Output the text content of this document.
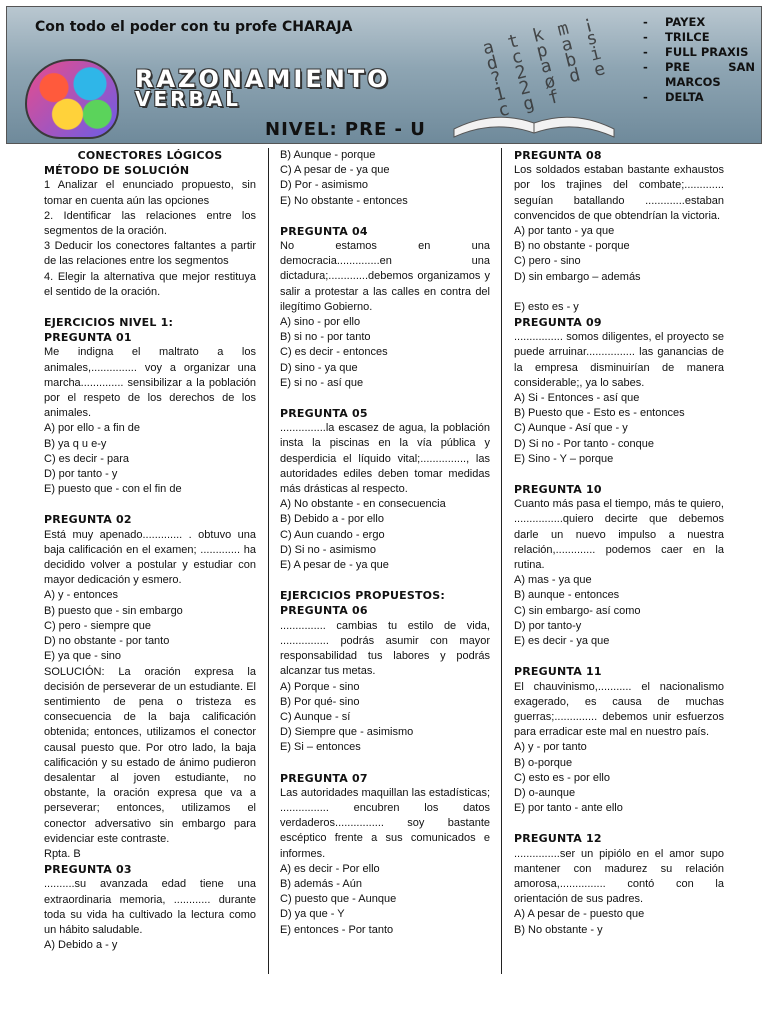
Con todo el poder con tu profe CHARAJA
RAZONAMIENTO
VERBAL
NIVEL: PRE - U
a t k m ¡ d c p a s ? 2 a b i 1 2 ø d e c g f
-	PAYEX
-	TRILCE
-	FULL PRAXIS
-	PRE SAN MARCOS
-	DELTA
CONECTORES LÓGICOS
MÉTODO DE SOLUCIÓN
1 Analizar el enunciado propuesto, sin tomar en cuenta aún las opciones
2. Identificar las relaciones entre los segmentos de la oración.
3 Deducir los conectores faltantes a partir de las relaciones entre los segmentos
4. Elegir la alternativa que mejor restituya el sentido de la oración.
EJERCICIOS NIVEL 1:
PREGUNTA 01
Me indigna el maltrato a los animales,............... voy a organizar una marcha.............. sensibilizar a la población por el respeto de los derechos de los animales.
A) por ello - a fin de
B) ya q u e-y
C) es decir - para
D) por tanto - y
E) puesto que - con el fin de
PREGUNTA 02
Está muy apenado............. . obtuvo una baja calificación en el examen; ............. ha decidido volver a postular y estudiar con mayor dedicación y esmero.
A) y - entonces
B) puesto que - sin embargo
C) pero - siempre que
D) no obstante - por tanto
E) ya que - sino
SOLUCIÓN: La oración expresa la decisión de perseverar de un estudiante. El sentimiento de pena o tristeza es consecuencia de la baja calificación obtenida; entonces, utilizamos el conector causal puesto que. Por otro lado, la baja calificación y su estado de ánimo pudieron desalentar al joven estudiante, no obstante, la oración expresa que va a perseverar; entonces, utilizamos el conector adversativo sin embargo para evidenciar este contraste.
Rpta. B
PREGUNTA 03
..........su avanzada edad tiene una extraordinaria memoria, ............ durante toda su vida ha cultivado la lectura como un hábito saludable.
A) Debido a - y
B) Aunque - porque
C) A pesar de - ya que
D) Por - asimismo
E) No obstante - entonces
PREGUNTA 04
No estamos en una democracia..............en una dictadura;.............debemos organizamos y salir a protestar a las calles en contra del ilegítimo Gobierno.
A) sino - por ello
B) si no - por tanto
C) es decir - entonces
D) sino - ya que
E) si no - así que
PREGUNTA 05
...............la escasez de agua, la población insta la piscinas en la vía pública y desperdicia el líquido vital;..............., las autoridades ediles deben tomar medidas más drásticas al respecto.
A) No obstante - en consecuencia
B) Debido a - por ello
C) Aun cuando - ergo
D) Si no - asimismo
E) A pesar de - ya que
EJERCICIOS PROPUESTOS:
PREGUNTA 06
............... cambias tu estilo de vida, ................ podrás asumir con mayor responsabilidad tus labores y podrás alcanzar tus metas.
A) Porque - sino
B) Por qué- sino
C) Aunque - sí
D) Siempre que - asimismo
E) Si – entonces
PREGUNTA 07
Las autoridades maquillan las estadísticas; ................ encubren los datos verdaderos................ soy bastante escéptico frente a sus comunicados e informes.
A) es decir - Por ello
B) además - Aún
C) puesto que - Aunque
D) ya que - Y
E) entonces - Por tanto
PREGUNTA 08
Los soldados estaban bastante exhaustos por los trajines del combate;............. seguían batallando .............estaban convencidos de que obtendrían la victoria.
A) por tanto - ya que
B) no obstante - porque
C) pero - sino
D) sin embargo – además
E) esto es - y
PREGUNTA 09
................ somos diligentes, el proyecto se puede arruinar................ las ganancias de la empresa disminuirían de manera considerable;, ya lo sabes.
A) Si - Entonces - así que
B) Puesto que - Esto es - entonces
C) Aunque - Así que - y
D) Si no - Por tanto - conque
E) Sino - Y – porque
PREGUNTA 10
Cuanto más pasa el tiempo, más te quiero, ................quiero decirte que debemos darle un nuevo impulso a nuestra relación,............. podemos caer en la rutina.
A) mas - ya que
B) aunque - entonces
C) sin embargo- así como
D) por tanto-y
E) es decir - ya que
PREGUNTA 11
El chauvinismo,........... el nacionalismo exagerado, es causa de muchas guerras;.............. debemos unir esfuerzos para erradicar este mal en nuestro país.
A) y - por tanto
B) o-porque
C) esto es - por ello
D) o-aunque
E) por tanto - ante ello
PREGUNTA 12
...............ser un pipiólo en el amor supo mantener con madurez su relación amorosa,............... contó con la orientación de sus padres.
A) A pesar de - puesto que
B) No obstante - y
